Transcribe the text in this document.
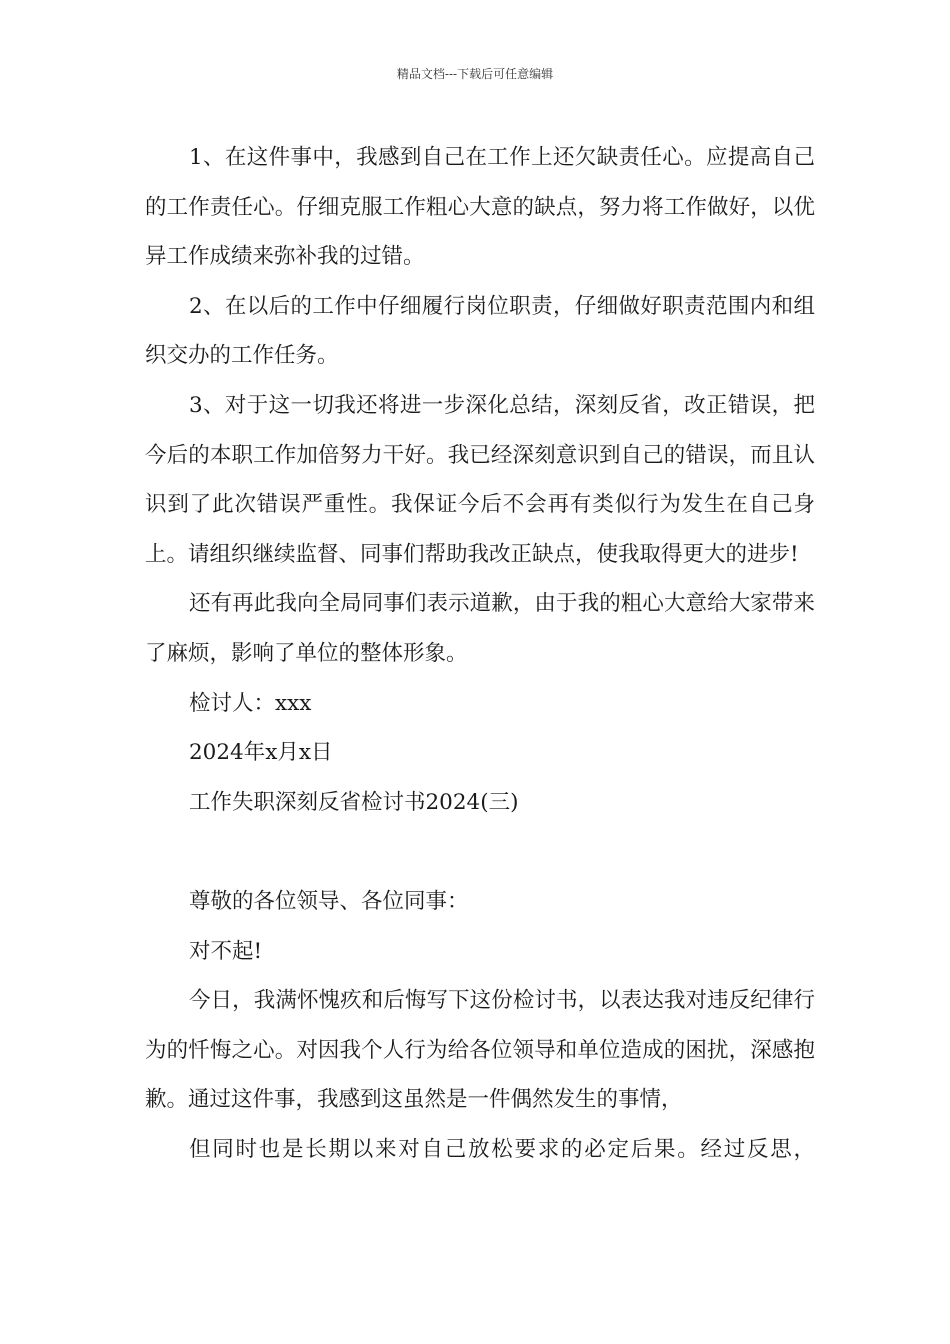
精品文档---下载后可任意编辑

1、在这件事中，我感到自己在工作上还欠缺责任心。应提高自己的工作责任心。仔细克服工作粗心大意的缺点，努力将工作做好，以优异工作成绩来弥补我的过错。

2、在以后的工作中仔细履行岗位职责，仔细做好职责范围内和组织交办的工作任务。

3、对于这一切我还将进一步深化总结，深刻反省，改正错误，把今后的本职工作加倍努力干好。我已经深刻意识到自己的错误，而且认识到了此次错误严重性。我保证今后不会再有类似行为发生在自己身上。请组织继续监督、同事们帮助我改正缺点，使我取得更大的进步!

还有再此我向全局同事们表示道歉，由于我的粗心大意给大家带来了麻烦，影响了单位的整体形象。

检讨人：xxx

2024年x月x日

工作失职深刻反省检讨书2024(三)

尊敬的各位领导、各位同事：

对不起!

今日，我满怀愧疚和后悔写下这份检讨书，以表达我对违反纪律行为的忏悔之心。对因我个人行为给各位领导和单位造成的困扰，深感抱歉。通过这件事，我感到这虽然是一件偶然发生的事情，

但同时也是长期以来对自己放松要求的必定后果。经过反思，
